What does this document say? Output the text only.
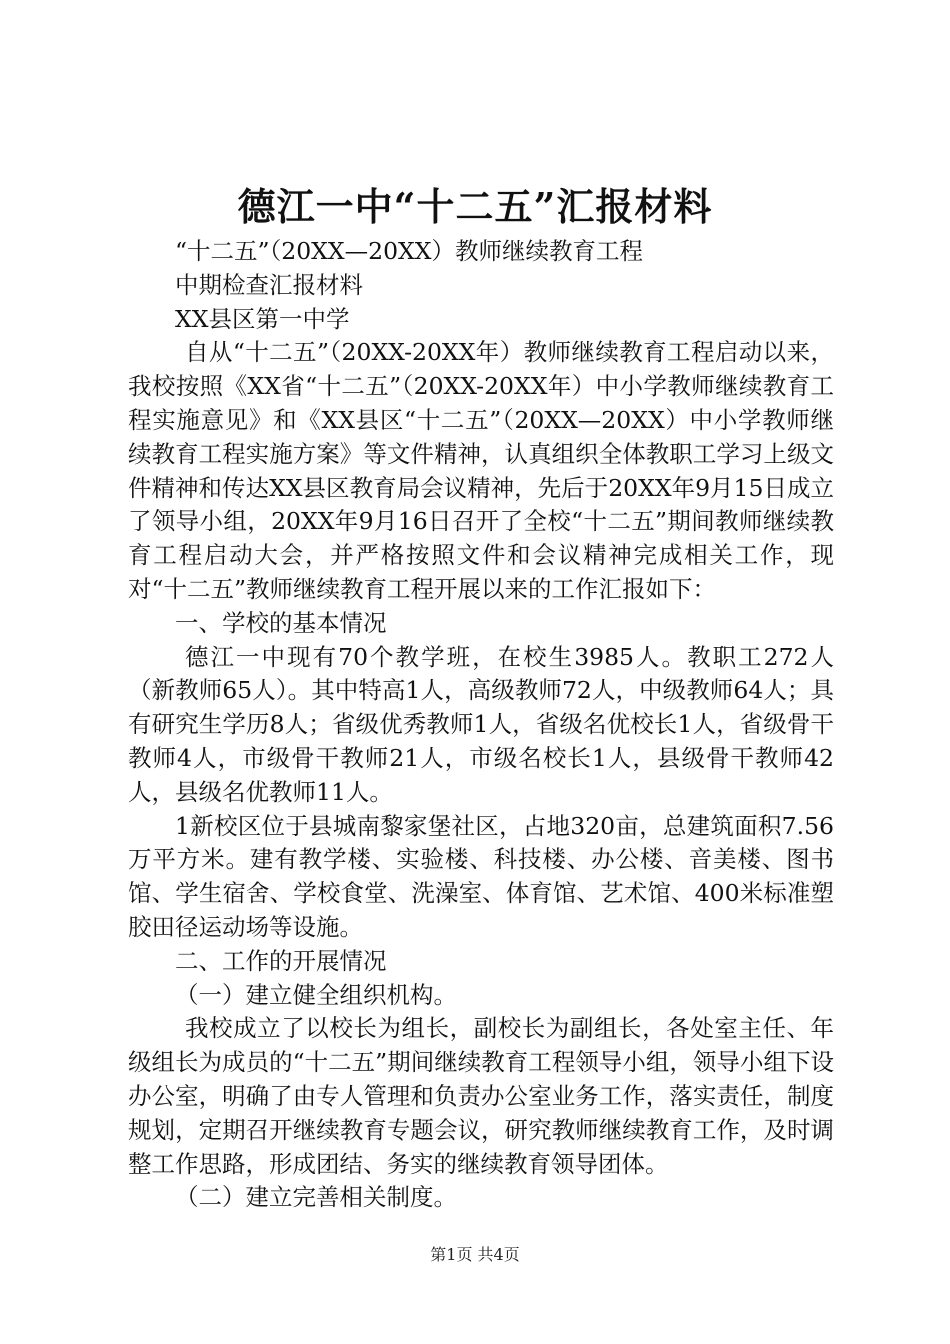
德江一中“十二五”汇报材料

“十二五”（20XX—20XX）教师继续教育工程

中期检查汇报材料

XX县区第一中学

自从“十二五”（20XX-20XX年）教师继续教育工程启动以来，我校按照《XX省“十二五”（20XX-20XX年）中小学教师继续教育工程实施意见》和《XX县区“十二五”（20XX—20XX）中小学教师继续教育工程实施方案》等文件精神，认真组织全体教职工学习上级文件精神和传达XX县区教育局会议精神，先后于20XX年9月15日成立了领导小组，20XX年9月16日召开了全校“十二五”期间教师继续教育工程启动大会，并严格按照文件和会议精神完成相关工作，现对“十二五”教师继续教育工程开展以来的工作汇报如下：

一、学校的基本情况

德江一中现有70个教学班，在校生3985人。教职工272人（新教师65人）。其中特高1人，高级教师72人，中级教师64人；具有研究生学历8人；省级优秀教师1人，省级名优校长1人，省级骨干教师4人，市级骨干教师21人，市级名校长1人，县级骨干教师42人，县级名优教师11人。

1新校区位于县城南黎家堡社区，占地320亩，总建筑面积7.56万平方米。建有教学楼、实验楼、科技楼、办公楼、音美楼、图书馆、学生宿舍、学校食堂、洗澡室、体育馆、艺术馆、400米标准塑胶田径运动场等设施。

二、工作的开展情况

（一）建立健全组织机构。

我校成立了以校长为组长，副校长为副组长，各处室主任、年级组长为成员的“十二五”期间继续教育工程领导小组，领导小组下设办公室，明确了由专人管理和负责办公室业务工作，落实责任，制度规划，定期召开继续教育专题会议，研究教师继续教育工作，及时调整工作思路，形成团结、务实的继续教育领导团体。

（二）建立完善相关制度。

第1页 共4页
